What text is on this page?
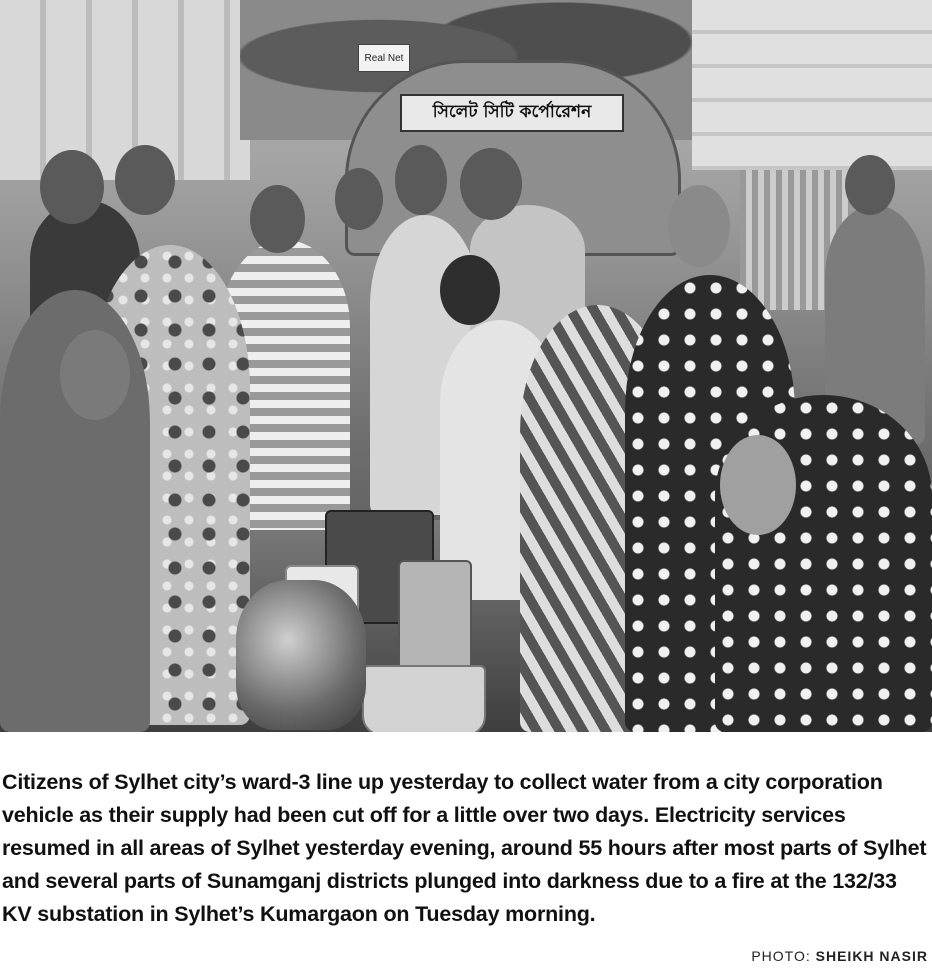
সিলেট সিটি কর্পোরেশন
Real Net

Citizens of Sylhet city’s ward-3 line up yesterday to collect water from a city corporation vehicle as their supply had been cut off for a little over two days. Electricity services resumed in all areas of Sylhet yesterday evening, around 55 hours after most parts of Sylhet and several parts of Sunamganj districts plunged into darkness due to a fire at the 132/33 KV substation in Sylhet’s Kumargaon on Tuesday morning.

PHOTO: SHEIKH NASIR
